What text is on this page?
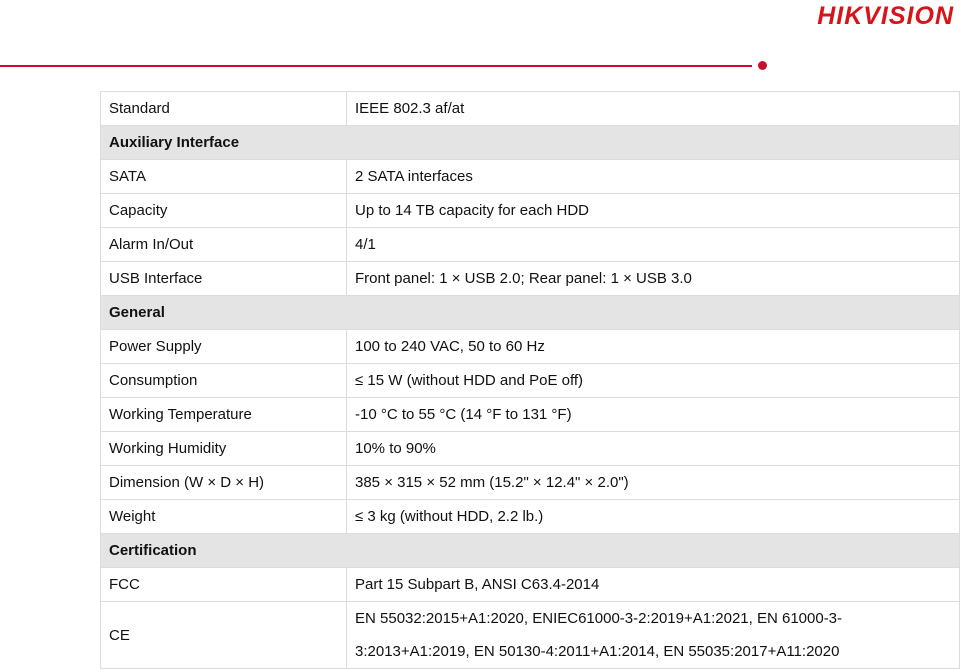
HIKVISION
Standard	IEEE 802.3 af/at
Auxiliary Interface	
SATA	2 SATA interfaces
Capacity	Up to 14 TB capacity for each HDD
Alarm In/Out	4/1
USB Interface	Front panel: 1 × USB 2.0; Rear panel: 1 × USB 3.0
General	
Power Supply	100 to 240 VAC, 50 to 60 Hz
Consumption	≤ 15 W (without HDD and PoE off)
Working Temperature	-10 °C to 55 °C (14 °F to 131 °F)
Working Humidity	10% to 90%
Dimension (W × D × H)	385 × 315 × 52 mm (15.2" × 12.4" × 2.0")
Weight	≤ 3 kg (without HDD, 2.2 lb.)
Certification	
FCC	Part 15 Subpart B, ANSI C63.4-2014
CE	EN 55032:2015+A1:2020, ENIEC61000-3-2:2019+A1:2021, EN 61000-3-3:2013+A1:2019, EN 50130-4:2011+A1:2014, EN 55035:2017+A11:2020
